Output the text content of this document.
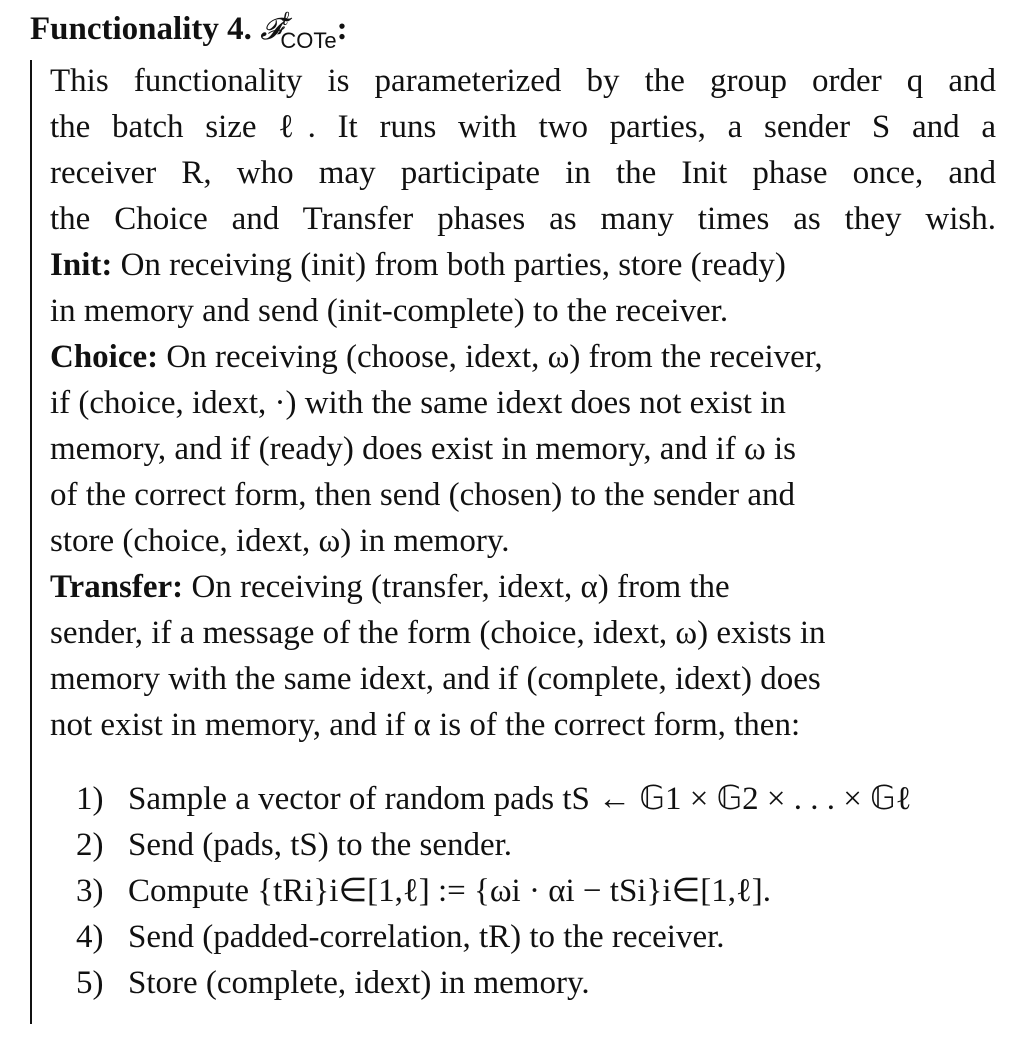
Functionality 4. 𝓕$^\ell_{COTe}$:
This functionality is parameterized by the group order q and
the batch size ℓ. It runs with two parties, a sender S and a
receiver R, who may participate in the Init phase once, and
the Choice and Transfer phases as many times as they wish.
Init: On receiving (init) from both parties, store (ready)
in memory and send (init-complete) to the receiver.
Choice: On receiving (choose, idext, ω) from the receiver,
if (choice, idext, ·) with the same idext does not exist in
memory, and if (ready) does exist in memory, and if ω is
of the correct form, then send (chosen) to the sender and
store (choice, idext, ω) in memory.
Transfer: On receiving (transfer, idext, α) from the
sender, if a message of the form (choice, idext, ω) exists in
memory with the same idext, and if (complete, idext) does
not exist in memory, and if α is of the correct form, then:
1) Sample a vector of random pads tS ← 𝔾1 × 𝔾2 × . . . × 𝔾ℓ
2) Send (pads, tS) to the sender.
3) Compute {tRi}i∈[1,ℓ] := {ωi · αi − tSi}i∈[1,ℓ].
4) Send (padded-correlation, tR) to the receiver.
5) Store (complete, idext) in memory.
